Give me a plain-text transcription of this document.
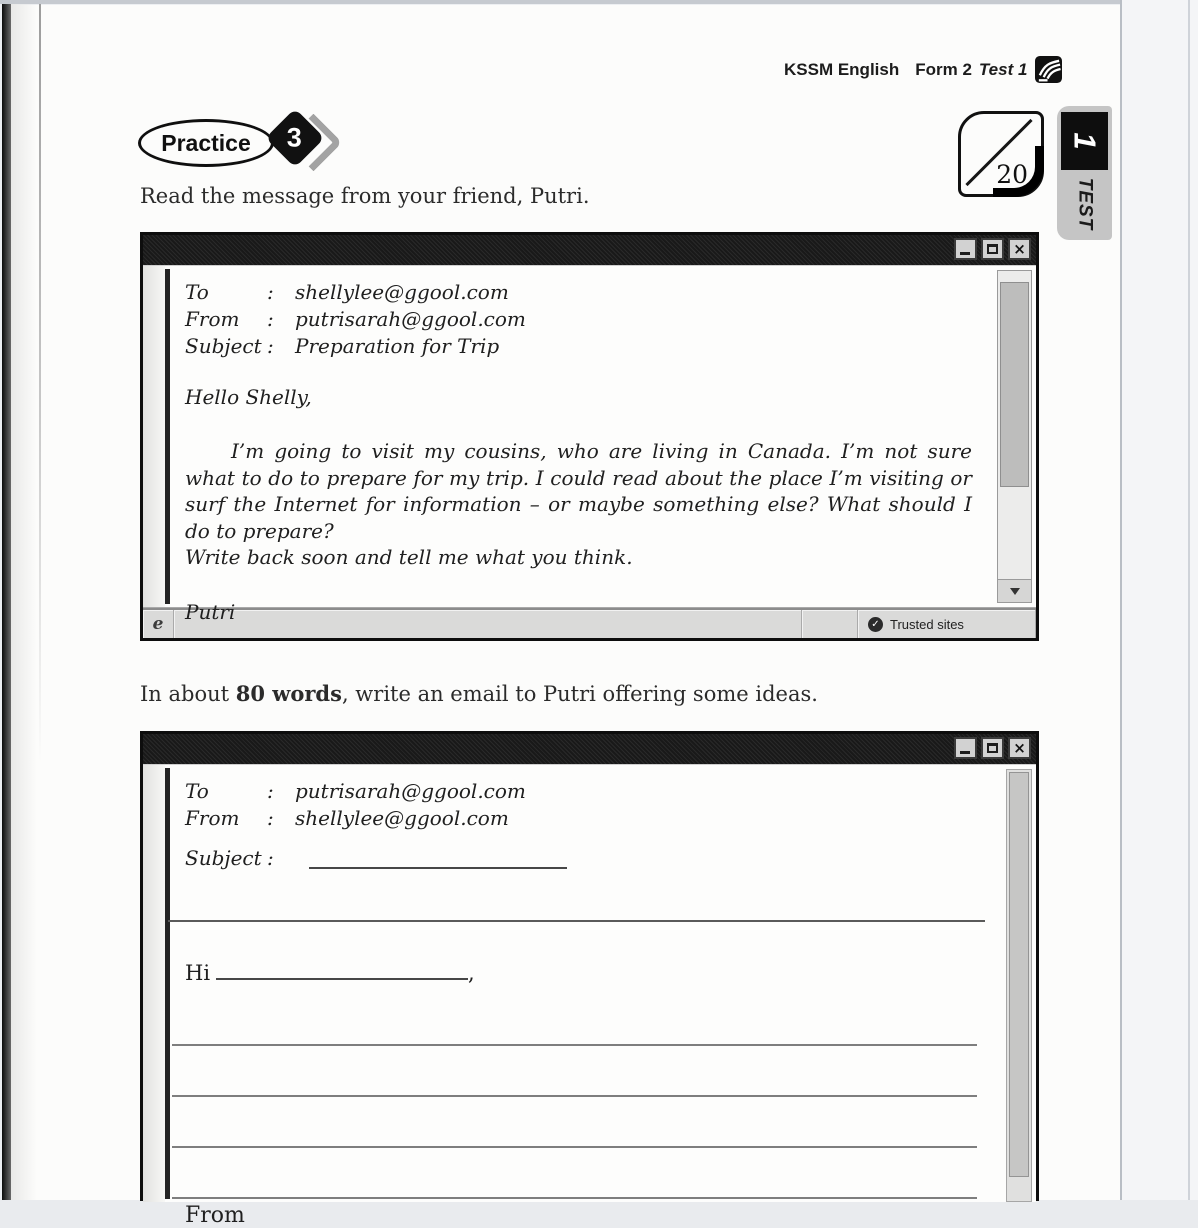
KSSM English Form 2 Test 1
Practice 3
20
1
TEST
Read the message from your friend, Putri.
×
To	:	shellylee@ggool.com
From	:	putrisarah@ggool.com
Subject :	Preparation for Trip
Hello Shelly,
I’m going to visit my cousins, who are living in Canada. I’m not sure what to do to prepare for my trip. I could read about the place I’m visiting or surf the Internet for information – or maybe something else? What should I do to prepare?
Write back soon and tell me what you think.
Putri
e	✓ Trusted sites
In about 80 words, write an email to Putri offering some ideas.
×
To	:	putrisarah@ggool.com
From	:	shellylee@ggool.com
Subject :
Hi	,
From
